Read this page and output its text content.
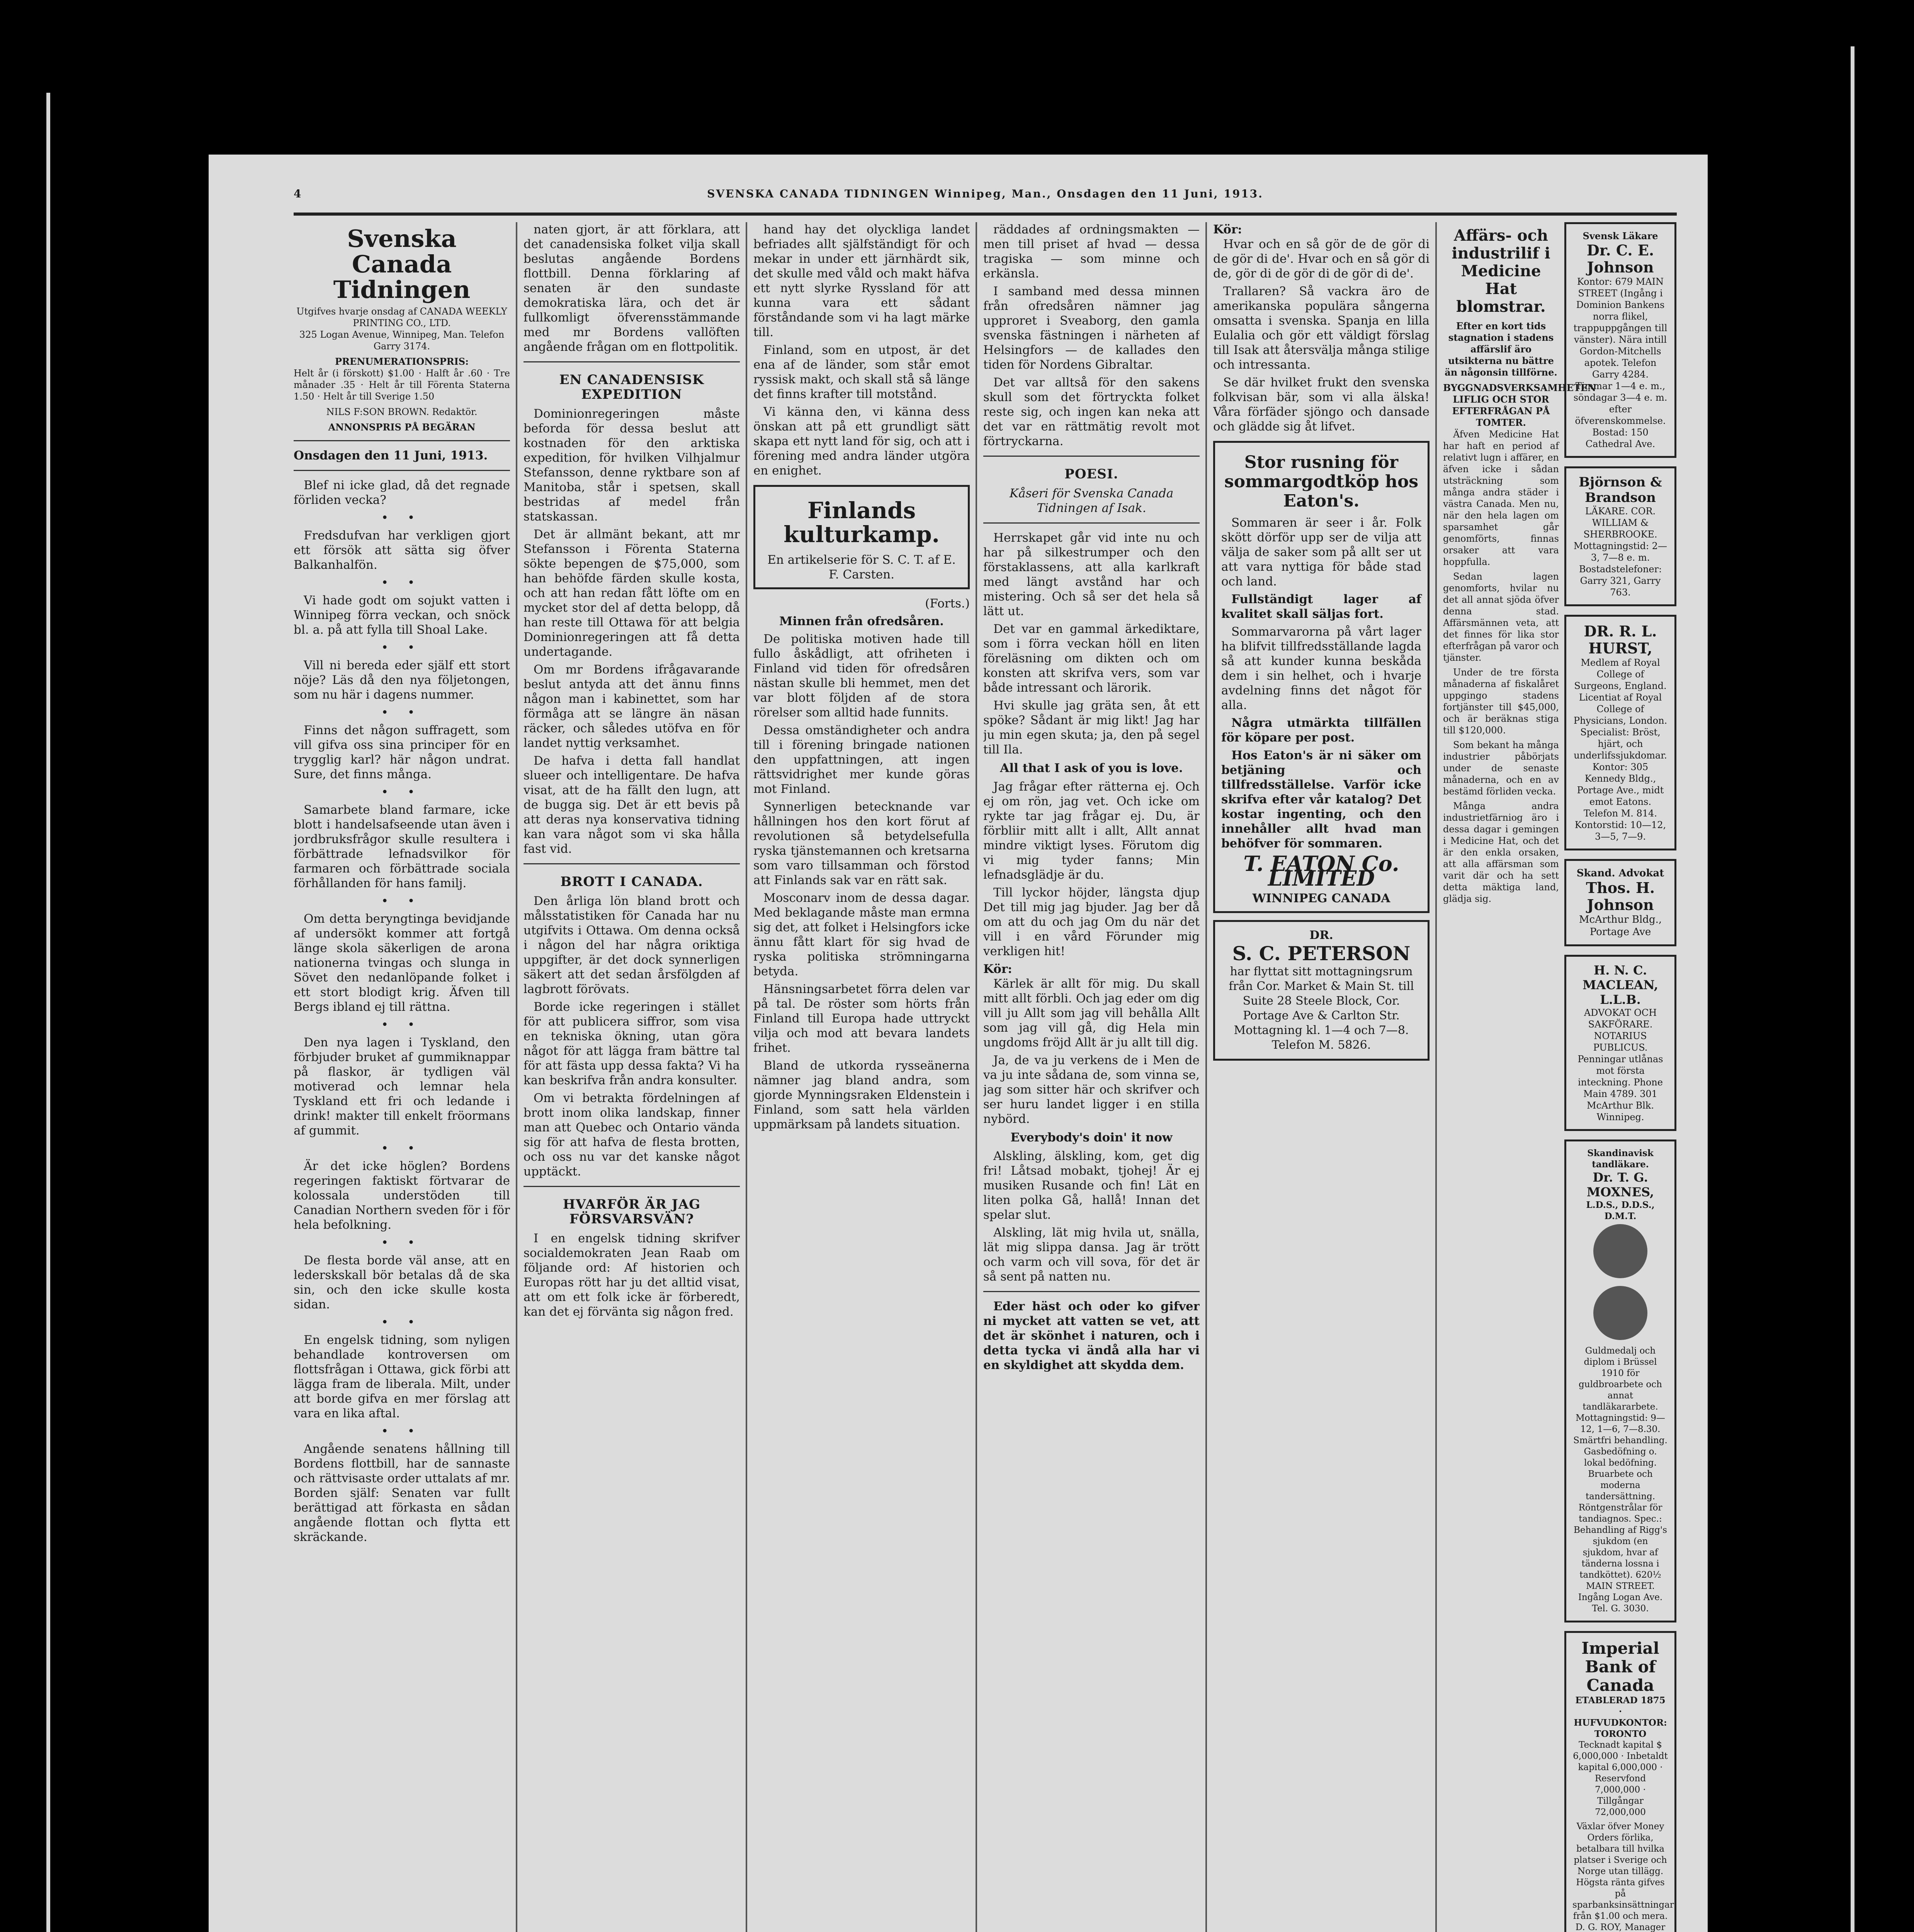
4	SVENSKA CANADA TIDNINGEN Winnipeg, Man., Onsdagen den 11 Juni, 1913.
Svenska Canada Tidningen
Utgifves hvarje onsdag af CANADA WEEKLY PRINTING CO., LTD.
325 Logan Avenue, Winnipeg, Man. Telefon Garry 3174.
PRENUMERATIONSPRIS:
Helt år (i förskott) $1.00 · Halft år .60 · Tre månader .35 · Helt år till Förenta Staterna 1.50 · Helt år till Sverige 1.50
NILS F:SON BROWN. Redaktör.
ANNONSPRIS PÅ BEGÄRAN
Onsdagen den 11 Juni, 1913.

Blef ni icke glad, då det regnade förliden vecka?

• •

Fredsdufvan har verkligen gjort ett försök att sätta sig öfver Balkanhalfön.

• •

Vi hade godt om sojukt vatten i Winnipeg förra veckan, och snöck bl. a. på att fylla till Shoal Lake.

• •

Vill ni bereda eder själf ett stort nöje? Läs då den nya följetongen, som nu här i dagens nummer.

• •

Finns det någon suffragett, som vill gifva oss sina principer för en trygglig karl? här någon undrat. Sure, det finns många.

• •

Samarbete bland farmare, icke blott i handelsafseende utan även i jordbruksfrågor skulle resultera i förbättrade lefnadsvilkor för farmaren och förbättrade sociala förhållanden för hans familj.

• •

Om detta beryngtinga bevidjande af undersökt kommer att fortgå länge skola säkerligen de arona nationerna tvingas och slunga in Sövet den nedanlöpande folket i ett stort blodigt krig. Äfven till Bergs ibland ej till rättna.

• •

Den nya lagen i Tyskland, den förbjuder bruket af gummiknappar på flaskor, är tydligen väl motiverad och lemnar hela Tyskland ett fri och ledande i drink! makter till enkelt fröormans af gummit.

• •

Är det icke höglen? Bordens regeringen faktiskt förtvarar de kolossala understöden till Canadian Northern sveden för i för hela befolkning.

• •

De flesta borde väl anse, att en lederskskall bör betalas då de ska sin, och den icke skulle kosta sidan.

• •

En engelsk tidning, som nyligen behandlade kontroversen om flottsfrågan i Ottawa, gick förbi att lägga fram de liberala. Milt, under att borde gifva en mer förslag att vara en lika aftal.

• •

Angående senatens hållning till Bordens flottbill, har de sannaste och rättvisaste order uttalats af mr. Borden själf: Senaten var fullt berättigad att förkasta en sådan angående flottan och flytta ett skräckande.

naten gjort, är att förklara, att det canadensiska folket vilja skall beslutas angående Bordens flottbill. Denna förklaring af senaten är den sundaste demokratiska lära, och det är fullkomligt öfverensstämmande med mr Bordens vallöften angående frågan om en flottpolitik.

EN CANADENSISK EXPEDITION

Dominionregeringen måste beforda för dessa beslut att kostnaden för den arktiska expedition, för hvilken Vilhjalmur Stefansson, denne ryktbare son af Manitoba, står i spetsen, skall bestridas af medel från statskassan.

Det är allmänt bekant, att mr Stefansson i Förenta Staterna sökte bepengen de $75,000, som han behöfde färden skulle kosta, och att han redan fått löfte om en mycket stor del af detta belopp, då han reste till Ottawa för att belgia Dominionregeringen att få detta undertagande.

Om mr Bordens ifrågavarande beslut antyda att det ännu finns någon man i kabinettet, som har förmåga att se längre än näsan räcker, och således utöfva en för landet nyttig verksamhet.

De hafva i detta fall handlat slueer och intelligentare. De hafva visat, att de ha fällt den lugn, att de bugga sig. Det är ett bevis på att deras nya konservativa tidning kan vara något som vi ska hålla fast vid.

BROTT I CANADA.

Den årliga lön bland brott och målsstatistiken för Canada har nu utgifvits i Ottawa. Om denna också i någon del har några oriktiga uppgifter, är det dock synnerligen säkert att det sedan årsfölgden af lagbrott förövats.

Borde icke regeringen i stället för att publicera siffror, som visa en tekniska ökning, utan göra något för att lägga fram bättre tal för att fästa upp dessa fakta? Vi ha kan beskrifva från andra konsulter.

Om vi betrakta fördelningen af brott inom olika landskap, finner man att Quebec och Ontario vända sig för att hafva de flesta brotten, och oss nu var det kanske något upptäckt.

HVARFÖR ÄR JAG FÖRSVARSVÄN?

I en engelsk tidning skrifver socialdemokraten Jean Raab om följande ord: Af historien och Europas rött har ju det alltid visat, att om ett folk icke är förberedt, kan det ej förvänta sig någon fred.

hand hay det olyckliga landet befriades allt själfständigt för och mekar in under ett järnhärdt sik, det skulle med våld och makt häfva ett nytt slyrke Ryssland för att kunna vara ett sådant förståndande som vi ha lagt märke till.

Finland, som en utpost, är det ena af de länder, som står emot ryssisk makt, och skall stå så länge det finns krafter till motstånd.

Vi känna den, vi känna dess önskan att på ett grundligt sätt skapa ett nytt land för sig, och att i förening med andra länder utgöra en enighet.

Finlands kulturkamp.
En artikelserie för S. C. T. af E. F. Carsten.
(Forts.)
Minnen från ofredsåren.

De politiska motiven hade till fullo åskådligt, att ofriheten i Finland vid tiden för ofredsåren nästan skulle bli hemmet, men det var blott följden af de stora rörelser som alltid hade funnits.

Dessa omständigheter och andra till i förening bringade nationen den uppfattningen, att ingen rättsvidrighet mer kunde göras mot Finland.

Synnerligen betecknande var hållningen hos den kort förut af revolutionen så betydelsefulla ryska tjänstemannen och kretsarna som varo tillsamman och förstod att Finlands sak var en rätt sak.

Mosconarv inom de dessa dagar. Med beklagande måste man ermna sig det, att folket i Helsingfors icke ännu fått klart för sig hvad de ryska politiska strömningarna betyda.

Hänsningsarbetet förra delen var på tal. De röster som hörts från Finland till Europa hade uttryckt vilja och mod att bevara landets frihet.

Bland de utkorda rysseänerna nämner jag bland andra, som gjorde Mynningsraken Eldenstein i Finland, som satt hela världen uppmärksam på landets situation.

räddades af ordningsmakten — men till priset af hvad — dessa tragiska — som minne och erkänsla.

I samband med dessa minnen från ofredsåren nämner jag upproret i Sveaborg, den gamla svenska fästningen i närheten af Helsingfors — de kallades den tiden för Nordens Gibraltar.

Det var alltså för den sakens skull som det förtryckta folket reste sig, och ingen kan neka att det var en rättmätig revolt mot förtryckarna.

POESI.
Kåseri för Svenska Canada Tidningen af Isak.

Herrskapet går vid inte nu och har på silkestrumper och den förstaklassens, att alla karlkraft med längt avstånd har och mistering. Och så ser det hela så lätt ut.

Det var en gammal ärkediktare, som i förra veckan höll en liten föreläsning om dikten och om konsten att skrifva vers, som var både intressant och lärorik.

Hvi skulle jag gräta sen, åt ett spöke? Sådant är mig likt! Jag har ju min egen skuta; ja, den på segel till Ila.

All that I ask of you is love.

Jag frågar efter rätterna ej. Och ej om rön, jag vet. Och icke om rykte tar jag frågar ej. Du, är förbliir mitt allt i allt, Allt annat mindre viktigt lyses. Förutom dig vi mig tyder fanns; Min lefnadsglädje är du.

Till lyckor höjder, längsta djup Det till mig jag bjuder. Jag ber då om att du och jag Om du när det vill i en vård Förunder mig verkligen hit!

Kör:

Kärlek är allt för mig. Du skall mitt allt förbli. Och jag eder om dig vill ju Allt som jag vill behålla Allt som jag vill gå, dig Hela min ungdoms fröjd Allt är ju allt till dig.

Ja, de va ju verkens de i Men de va ju inte sådana de, som vinna se, jag som sitter här och skrifver och ser huru landet ligger i en stilla nybörd.

Everybody's doin' it now

Alskling, älskling, kom, get dig fri! Låtsad mobakt, tjohej! Är ej musiken Rusande och fin! Lät en liten polka Gå, hallå! Innan det spelar slut.

Alskling, lät mig hvila ut, snälla, lät mig slippa dansa. Jag är trött och varm och vill sova, för det är så sent på natten nu.

Eder häst och oder ko gifver ni mycket att vatten se vet, att det är skönhet i naturen, och i detta tycka vi ändå alla har vi en skyldighet att skydda dem.

Kör:

Hvar och en så gör de de gör di de gör di de'. Hvar och en så gör di de, gör di de gör di de gör di de'.

Trallaren? Så vackra äro de amerikanska populära sångerna omsatta i svenska. Spanja en lilla Eulalia och gör ett väldigt förslag till Isak att återsvälja många stilige och intressanta.

Se där hvilket frukt den svenska folkvisan bär, som vi alla älska! Våra förfäder sjöngo och dansade och glädde sig åt lifvet.

Stor rusning för sommargodtköp hos Eaton's.

Sommaren är seer i år. Folk skött dörför upp ser de vilja att välja de saker som på allt ser ut att vara nyttiga för både stad och land.

Fullständigt lager af kvalitet skall säljas fort.

Sommarvarorna på vårt lager ha blifvit tillfredsställande lagda så att kunder kunna beskåda dem i sin helhet, och i hvarje avdelning finns det något för alla.

Några utmärkta tillfällen för köpare per post.

Hos Eaton's är ni säker om betjäning och tillfredsställelse. Varför icke skrifva efter vår katalog? Det kostar ingenting, och den innehåller allt hvad man behöfver för sommaren.

T. EATON Co. LIMITED
WINNIPEG CANADA
DR.
S. C. PETERSON
har flyttat sitt mottagningsrum från Cor. Market & Main St. till Suite 28 Steele Block, Cor. Portage Ave & Carlton Str. Mottagning kl. 1—4 och 7—8. Telefon M. 5826.
Affärs- och industrilif i Medicine Hat blomstrar.
Efter en kort tids stagnation i stadens affärslif äro utsikterna nu bättre än någonsin tillförne.
BYGGNADSVERKSAMHETEN LIFLIG OCH STOR EFTERFRÅGAN PÅ TOMTER.

Äfven Medicine Hat har haft en period af relativt lugn i affärer, en äfven icke i sådan utsträckning som många andra städer i västra Canada. Men nu, när den hela lagen om sparsamhet går genomförts, finnas orsaker att vara hoppfulla.

Sedan lagen genomforts, hvilar nu det all annat sjöda öfver denna stad. Affärsmännen veta, att det finnes för lika stor efterfrågan på varor och tjänster.

Under de tre första månaderna af fiskalåret uppgingo stadens fortjänster till $45,000, och är beräknas stiga till $120,000.

Som bekant ha många industrier påbörjats under de senaste månaderna, och en av bestämd förliden vecka.

Många andra industrietfärniog äro i dessa dagar i gemingen i Medicine Hat, och det är den enkla orsaken, att alla affärsman som varit där och ha sett detta mäktiga land, glädja sig.

Svensk Läkare
Dr. C. E. Johnson
Kontor: 679 MAIN STREET (Ingång i Dominion Bankens norra flikel, trappuppgången till vänster). Nära intill Gordon-Mitchells apotek. Telefon Garry 4284. Timmar 1—4 e. m., söndagar 3—4 e. m. efter öfverenskommelse. Bostad: 150 Cathedral Ave.
Björnson & Brandson
LÄKARE. COR. WILLIAM & SHERBROOKE. Mottagningstid: 2—3, 7—8 e. m. Bostadstelefoner: Garry 321, Garry 763.
DR. R. L. HURST,
Medlem af Royal College of Surgeons, England. Licentiat af Royal College of Physicians, London. Specialist: Bröst, hjärt, och underlifssjukdomar. Kontor: 305 Kennedy Bldg., Portage Ave., midt emot Eatons. Telefon M. 814. Kontorstid: 10—12, 3—5, 7—9.
Skand. Advokat
Thos. H. Johnson
McArthur Bldg., Portage Ave
H. N. C. MACLEAN, L.L.B.
ADVOKAT OCH SAKFÖRARE. NOTARIUS PUBLICUS. Penningar utlånas mot första inteckning. Phone Main 4789. 301 McArthur Blk. Winnipeg.
Skandinavisk tandläkare.
Dr. T. G. MOXNES,
L.D.S., D.D.S., D.M.T.

Guldmedalj och diplom i Brüssel 1910 för guldbroarbete och annat tandläkararbete. Mottagningstid: 9—12, 1—6, 7—8.30. Smärtfri behandling. Gasbedöfning o. lokal bedöfning. Bruarbete och moderna tandersättning. Röntgenstrålar för tandiagnos. Spec.: Behandling af Rigg's sjukdom (en sjukdom, hvar af tänderna lossna i tandköttet). 620½ MAIN STREET. Ingång Logan Ave. Tel. G. 3030.
Imperial Bank of Canada
ETABLERAD 1875 · HUFVUDKONTOR: TORONTO
Tecknadt kapital $ 6,000,000 · Inbetaldt kapital 6,000,000 · Reservfond 7,000,000 · Tillgångar 72,000,000
Växlar öfver Money Orders förlika, betalbara till hvilka platser i Sverige och Norge utan tillägg. Högsta ränta gifves på sparbanksinsättningar från $1.00 och mera. D. G. ROY, Manager
